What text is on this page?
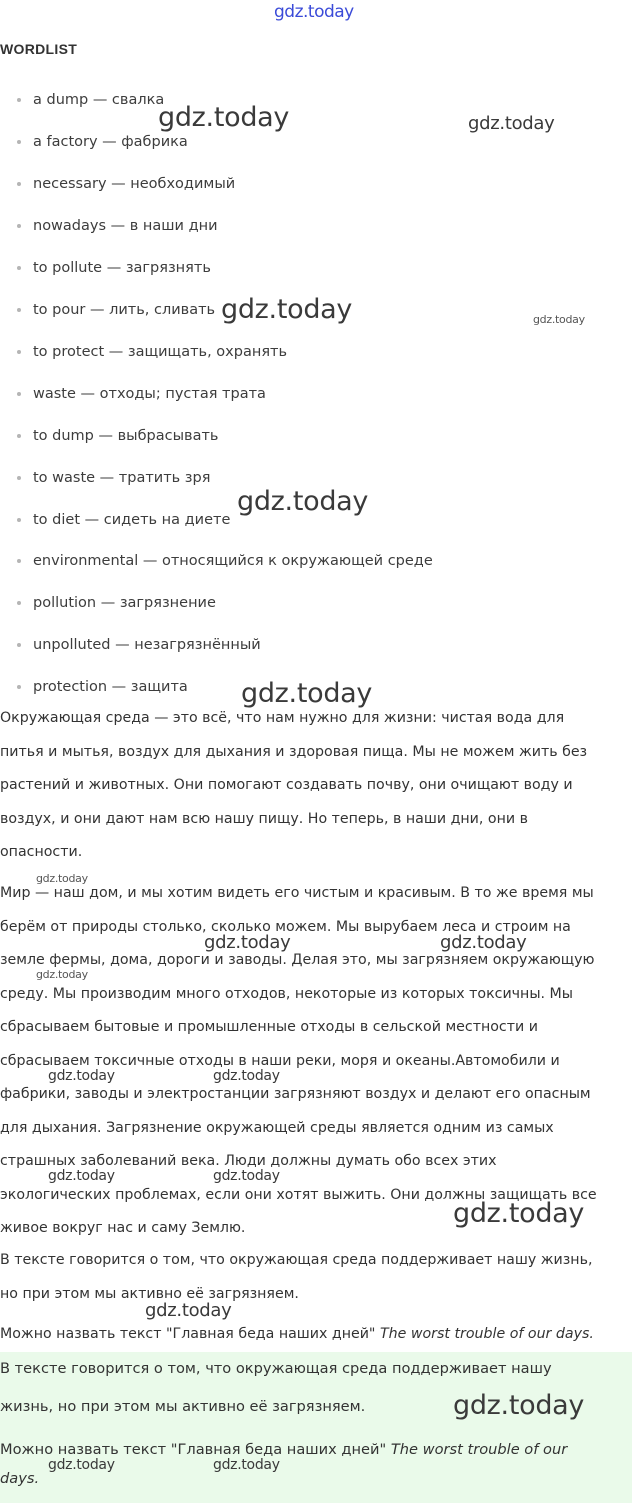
gdz.today
WORDLIST
a dump — свалка
a factory — фабрика
necessary — необходимый
nowadays — в наши дни
to pollute — загрязнять
to pour — лить, сливать
to protect — защищать, охранять
waste — отходы; пустая трата
to dump — выбрасывать
to waste — тратить зря
to diet — сидеть на диете
environmental — относящийся к окружающей среде
pollution — загрязнение
unpolluted — незагрязнённый
protection — защита
Окружающая среда — это всё, что нам нужно для жизни: чистая вода для
питья и мытья, воздух для дыхания и здоровая пища. Мы не можем жить без
растений и животных. Они помогают создавать почву, они очищают воду и
воздух, и они дают нам всю нашу пищу. Но теперь, в наши дни, они в
опасности.
Мир — наш дом, и мы хотим видеть его чистым и красивым. В то же время мы
берём от природы столько, сколько можем. Мы вырубаем леса и строим на
земле фермы, дома, дороги и заводы. Делая это, мы загрязняем окружающую
среду. Мы производим много отходов, некоторые из которых токсичны. Мы
сбрасываем бытовые и промышленные отходы в сельской местности и
сбрасываем токсичные отходы в наши реки, моря и океаны.Автомобили и
фабрики, заводы и электростанции загрязняют воздух и делают его опасным
для дыхания. Загрязнение окружающей среды является одним из самых
страшных заболеваний века. Люди должны думать обо всех этих
экологических проблемах, если они хотят выжить. Они должны защищать все
живое вокруг нас и саму Землю.
В тексте говорится о том, что окружающая среда поддерживает нашу жизнь,
но при этом мы активно её загрязняем.
Можно назвать текст "Главная беда наших дней" The worst trouble of our days.
В тексте говорится о том, что окружающая среда поддерживает нашу
жизнь, но при этом мы активно её загрязняем.
Можно назвать текст "Главная беда наших дней" The worst trouble of our
days.
gdz.today	gdz.today
gdz.today	gdz.today
gdz.today
gdz.today
gdz.today
gdz.today	gdz.today
gdz.today
gdz.today	gdz.today
gdz.today	gdz.today
gdz.today
gdz.today
gdz.today
gdz.today	gdz.today
